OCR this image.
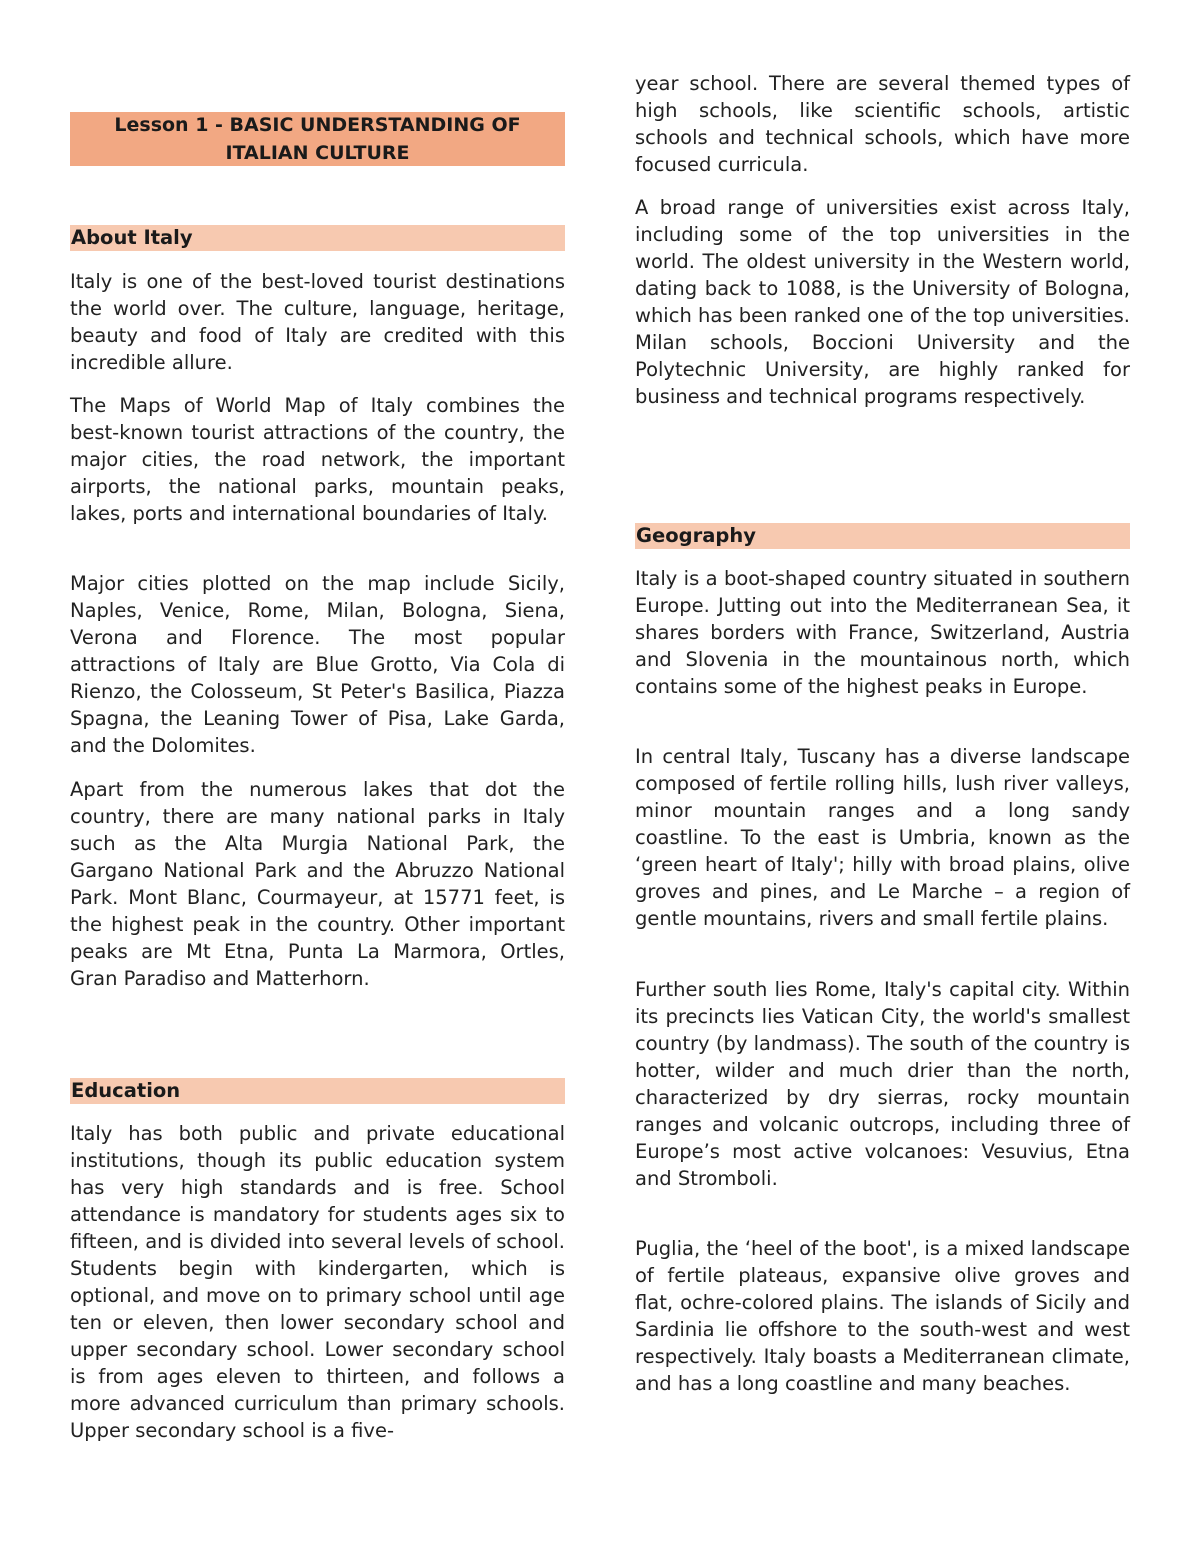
Lesson 1 - BASIC UNDERSTANDING OF ITALIAN CULTURE
About Italy

Italy is one of the best-loved tourist destinations the world over. The culture, language, heritage, beauty and food of Italy are credited with this incredible allure.

The Maps of World Map of Italy combines the best-known tourist attractions of the country, the major cities, the road network, the important airports, the national parks, mountain peaks, lakes, ports and international boundaries of Italy.

Major cities plotted on the map include Sicily, Naples, Venice, Rome, Milan, Bologna, Siena, Verona and Florence. The most popular attractions of Italy are Blue Grotto, Via Cola di Rienzo, the Colosseum, St Peter's Basilica, Piazza Spagna, the Leaning Tower of Pisa, Lake Garda, and the Dolomites.

Apart from the numerous lakes that dot the country, there are many national parks in Italy such as the Alta Murgia National Park, the Gargano National Park and the Abruzzo National Park. Mont Blanc, Courmayeur, at 15771 feet, is the highest peak in the country. Other important peaks are Mt Etna, Punta La Marmora, Ortles, Gran Paradiso and Matterhorn.

Education

Italy has both public and private educational institutions, though its public education system has very high standards and is free. School attendance is mandatory for students ages six to fifteen, and is divided into several levels of school. Students begin with kindergarten, which is optional, and move on to primary school until age ten or eleven, then lower secondary school and upper secondary school. Lower secondary school is from ages eleven to thirteen, and follows a more advanced curriculum than primary schools. Upper secondary school is a five-

year school. There are several themed types of high schools, like scientific schools, artistic schools and technical schools, which have more focused curricula.

A broad range of universities exist across Italy, including some of the top universities in the world. The oldest university in the Western world, dating back to 1088, is the University of Bologna, which has been ranked one of the top universities. Milan schools, Boccioni University and the Polytechnic University, are highly ranked for business and technical programs respectively.

Geography

Italy is a boot-shaped country situated in southern Europe. Jutting out into the Mediterranean Sea, it shares borders with France, Switzerland, Austria and Slovenia in the mountainous north, which contains some of the highest peaks in Europe.

In central Italy, Tuscany has a diverse landscape composed of fertile rolling hills, lush river valleys, minor mountain ranges and a long sandy coastline. To the east is Umbria, known as the ‘green heart of Italy'; hilly with broad plains, olive groves and pines, and Le Marche – a region of gentle mountains, rivers and small fertile plains.

Further south lies Rome, Italy's capital city. Within its precincts lies Vatican City, the world's smallest country (by landmass). The south of the country is hotter, wilder and much drier than the north, characterized by dry sierras, rocky mountain ranges and volcanic outcrops, including three of Europe’s most active volcanoes: Vesuvius, Etna and Stromboli.

Puglia, the ‘heel of the boot', is a mixed landscape of fertile plateaus, expansive olive groves and flat, ochre-colored plains. The islands of Sicily and Sardinia lie offshore to the south-west and west respectively. Italy boasts a Mediterranean climate, and has a long coastline and many beaches.
